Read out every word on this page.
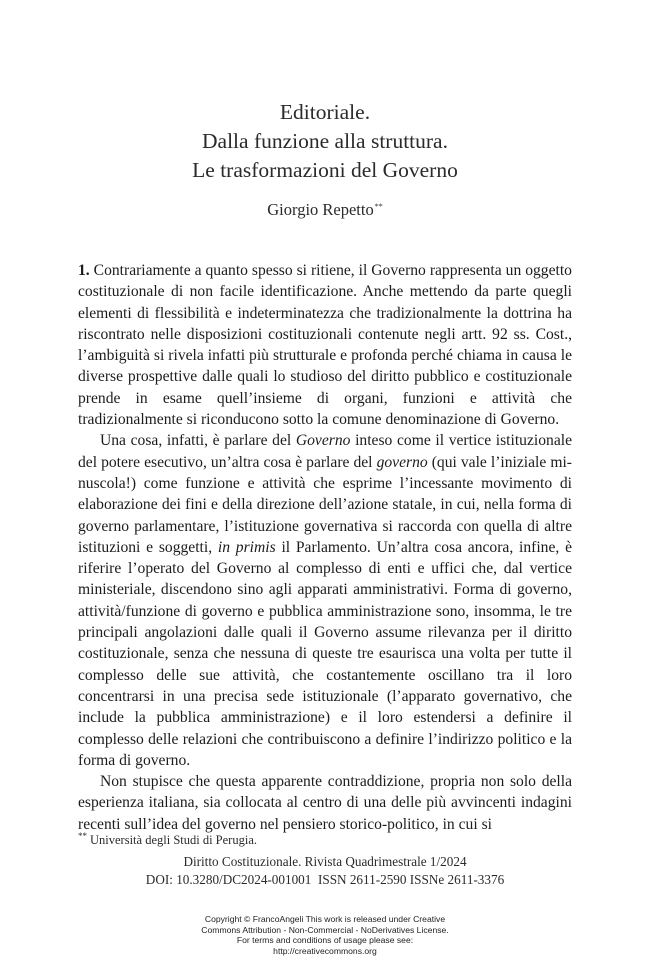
Editoriale.
Dalla funzione alla struttura.
Le trasformazioni del Governo
Giorgio Repetto**

1. Contrariamente a quanto spesso si ritiene, il Governo rappresenta un oggetto costituzionale di non facile identificazione. Anche mettendo da parte quegli elementi di flessibilità e indeterminatezza che tradizionalmente la dottrina ha riscontrato nelle disposizioni costituzionali contenute negli artt. 92 ss. Cost., l’ambiguità si rivela infatti più strutturale e profonda perché chiama in causa le diverse prospettive dalle quali lo studioso del diritto pubblico e costituzionale prende in esame quell’insieme di organi, funzioni e attività che tradizionalmente si riconducono sotto la comune denominazione di Governo.

Una cosa, infatti, è parlare del Governo inteso come il vertice istituzionale del potere esecutivo, un’altra cosa è parlare del governo (qui vale l’iniziale minuscola!) come funzione e attività che esprime l’incessante movimento di elaborazione dei fini e della direzione dell’azione statale, in cui, nella forma di governo parlamentare, l’istituzione governativa si raccorda con quella di altre istituzioni e soggetti, in primis il Parlamento. Un’altra cosa ancora, infine, è riferire l’operato del Governo al complesso di enti e uffici che, dal vertice ministeriale, discendono sino agli apparati amministrativi. Forma di governo, attività/funzione di governo e pubblica amministrazione sono, insomma, le tre principali angolazioni dalle quali il Governo assume rilevanza per il diritto costituzionale, senza che nessuna di queste tre esaurisca una volta per tutte il complesso delle sue attività, che costantemente oscillano tra il loro concentrarsi in una precisa sede istituzionale (l’apparato governativo, che include la pubblica amministrazione) e il loro estendersi a definire il complesso delle relazioni che contribuiscono a definire l’indirizzo politico e la forma di governo.

Non stupisce che questa apparente contraddizione, propria non solo della esperienza italiana, sia collocata al centro di una delle più avvincenti indagini recenti sull’idea del governo nel pensiero storico-politico, in cui si

** Università degli Studi di Perugia.
Diritto Costituzionale. Rivista Quadrimestrale 1/2024
DOI: 10.3280/DC2024-001001  ISSN 2611-2590 ISSNe 2611-3376
Copyright © FrancoAngeli This work is released under Creative
Commons Attribution - Non-Commercial - NoDerivatives License.
For terms and conditions of usage please see:
http://creativecommons.org
